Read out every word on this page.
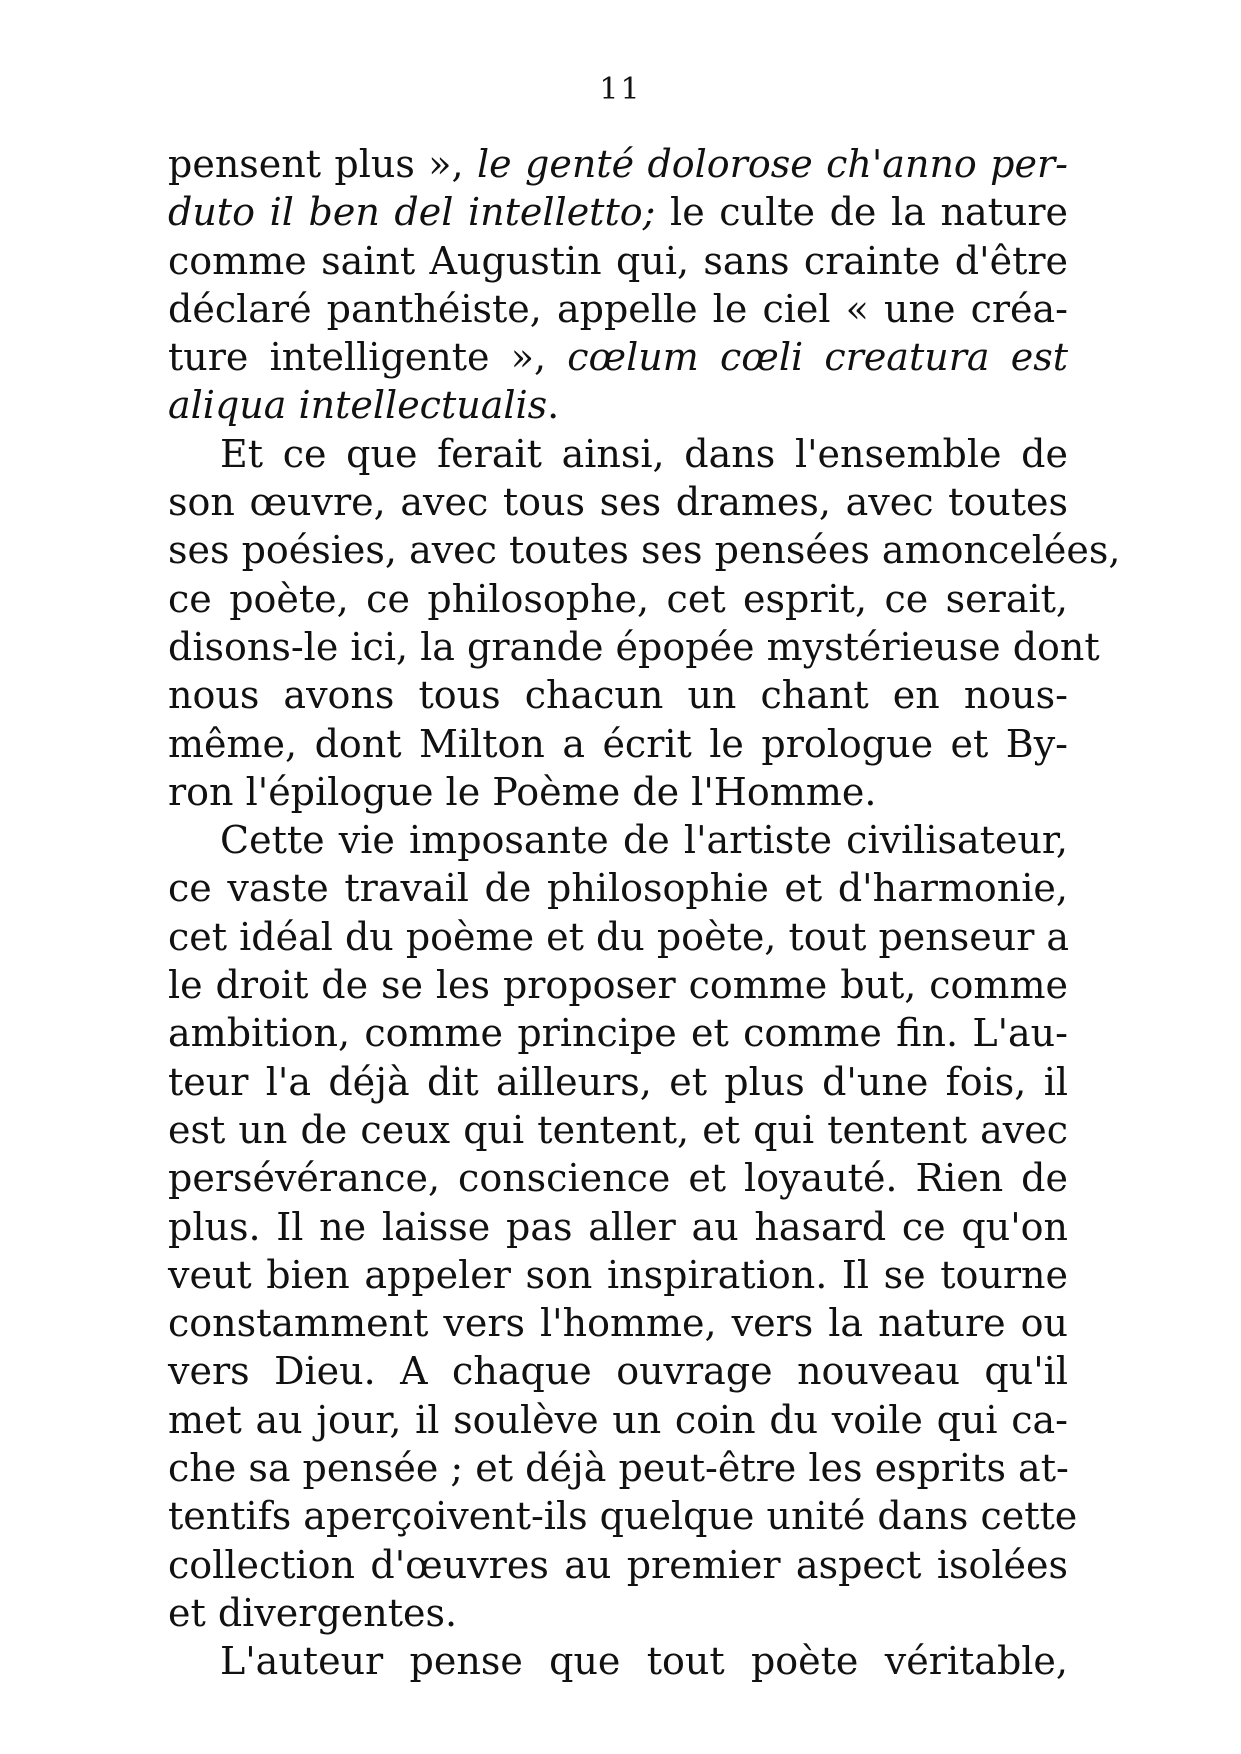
11
pensent plus », le genté dolorose ch'anno per-
duto il ben del intelletto; le culte de la nature
comme saint Augustin qui, sans crainte d'être
déclaré panthéiste, appelle le ciel « une créa-
ture intelligente », cœlum cœli creatura est
aliqua intellectualis.
Et ce que ferait ainsi, dans l'ensemble de
son œuvre, avec tous ses drames, avec toutes
ses poésies, avec toutes ses pensées amoncelées,
ce poète, ce philosophe, cet esprit, ce serait,
disons-le ici, la grande épopée mystérieuse dont
nous avons tous chacun un chant en nous-
même, dont Milton a écrit le prologue et By-
ron l'épilogue le Poème de l'Homme.
Cette vie imposante de l'artiste civilisateur,
ce vaste travail de philosophie et d'harmonie,
cet idéal du poème et du poète, tout penseur a
le droit de se les proposer comme but, comme
ambition, comme principe et comme fin. L'au-
teur l'a déjà dit ailleurs, et plus d'une fois, il
est un de ceux qui tentent, et qui tentent avec
persévérance, conscience et loyauté. Rien de
plus. Il ne laisse pas aller au hasard ce qu'on
veut bien appeler son inspiration. Il se tourne
constamment vers l'homme, vers la nature ou
vers Dieu. A chaque ouvrage nouveau qu'il
met au jour, il soulève un coin du voile qui ca-
che sa pensée ; et déjà peut-être les esprits at-
tentifs aperçoivent-ils quelque unité dans cette
collection d'œuvres au premier aspect isolées
et divergentes.
L'auteur pense que tout poète véritable,
